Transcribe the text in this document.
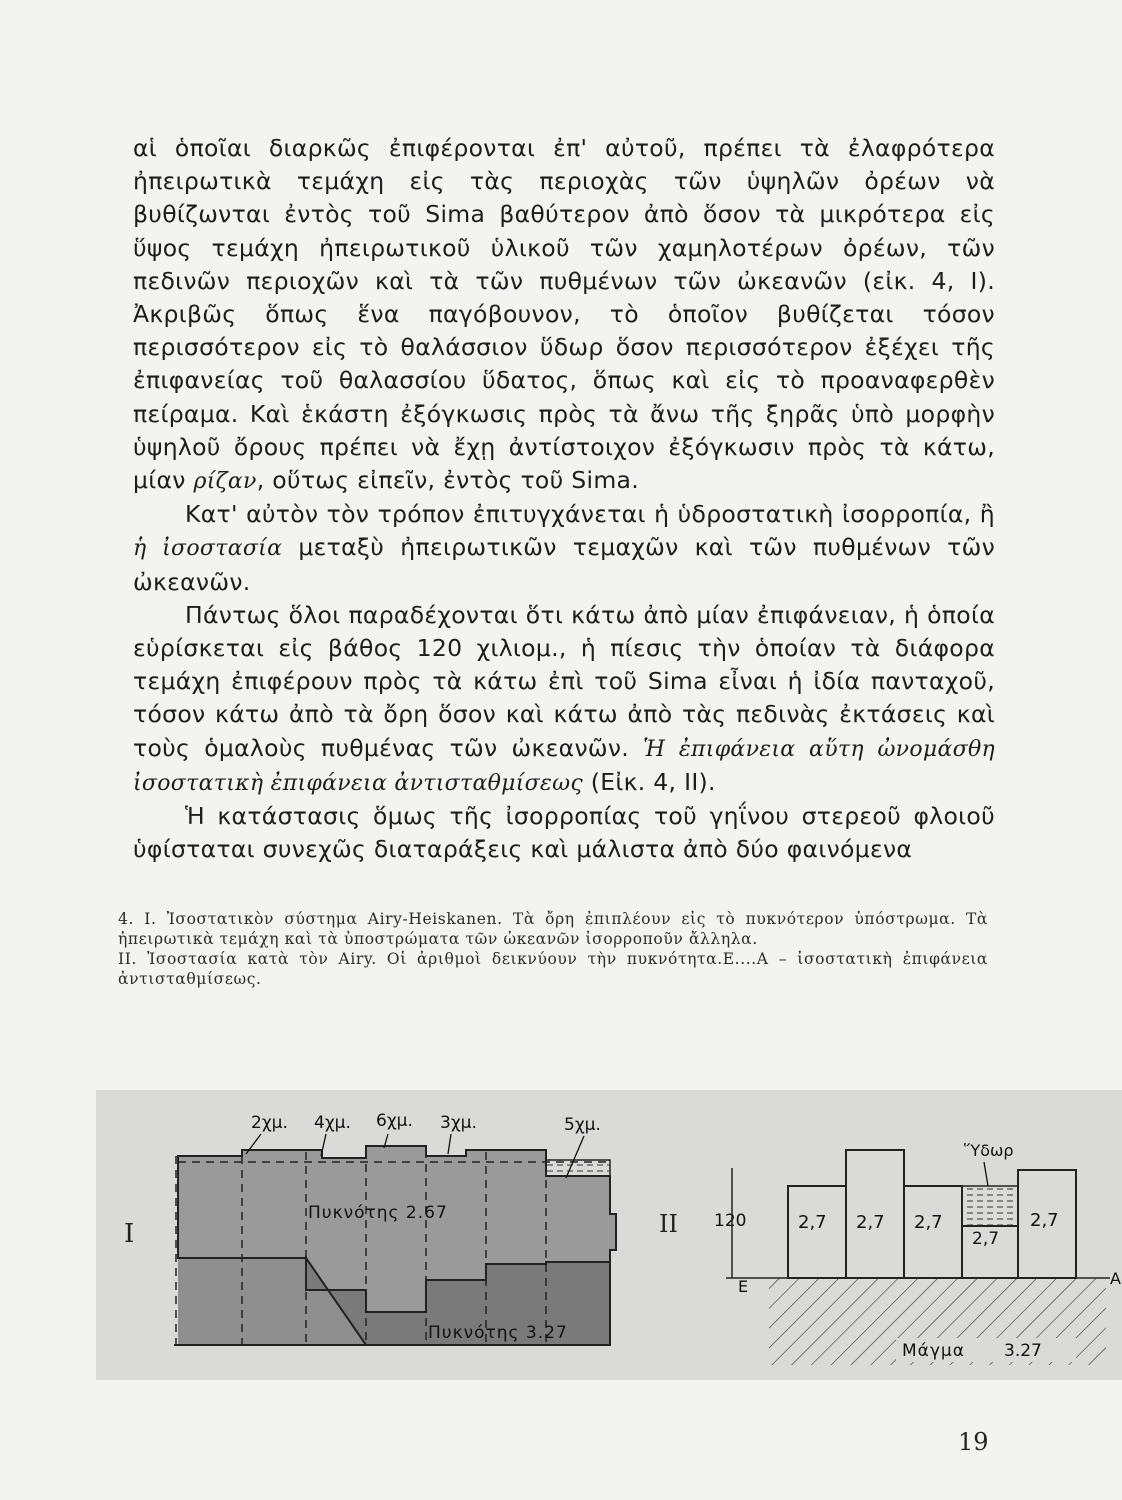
αἱ ὁποῖαι διαρκῶς ἐπιφέρονται ἐπ' αὐτοῦ, πρέπει τὰ ἐλαφρότερα ἠπειρωτικὰ τεμάχη εἰς τὰς περιοχὰς τῶν ὑψηλῶν ὀρέων νὰ βυθίζωνται ἐντὸς τοῦ Sima βαθύτερον ἀπὸ ὅσον τὰ μικρότερα εἰς ὕψος τεμάχη ἠπειρωτικοῦ ὑλικοῦ τῶν χαμηλοτέρων ὀρέων, τῶν πεδινῶν περιοχῶν καὶ τὰ τῶν πυθμένων τῶν ὠκεανῶν (εἰκ. 4, Ι). Ἀκριβῶς ὅπως ἕνα παγόβουνον, τὸ ὁποῖον βυθίζεται τόσον περισσότερον εἰς τὸ θαλάσσιον ὕδωρ ὅσον περισσότερον ἐξέχει τῆς ἐπιφανείας τοῦ θαλασσίου ὕδατος, ὅπως καὶ εἰς τὸ προαναφερθὲν πείραμα. Καὶ ἑκάστη ἐξόγκωσις πρὸς τὰ ἄνω τῆς ξηρᾶς ὑπὸ μορφὴν ὑψηλοῦ ὄρους πρέπει νὰ ἔχῃ ἀντίστοιχον ἐξόγκωσιν πρὸς τὰ κάτω, μίαν ρίζαν, οὕτως εἰπεῖν, ἐντὸς τοῦ Sima.

Κατ' αὐτὸν τὸν τρόπον ἐπιτυγχάνεται ἡ ὑδροστατικὴ ἰσορροπία, ἢ ἡ ἰσοστασία μεταξὺ ἠπειρωτικῶν τεμαχῶν καὶ τῶν πυθμένων τῶν ὠκεανῶν.

Πάντως ὅλοι παραδέχονται ὅτι κάτω ἀπὸ μίαν ἐπιφάνειαν, ἡ ὁποία εὑρίσκεται εἰς βάθος 120 χιλιομ., ἡ πίεσις τὴν ὁποίαν τὰ διάφορα τεμάχη ἐπιφέρουν πρὸς τὰ κάτω ἐπὶ τοῦ Sima εἶναι ἡ ἰδία πανταχοῦ, τόσον κάτω ἀπὸ τὰ ὄρη ὅσον καὶ κάτω ἀπὸ τὰς πεδινὰς ἐκτάσεις καὶ τοὺς ὁμαλοὺς πυθμένας τῶν ὠκεανῶν. Ἡ ἐπιφάνεια αὕτη ὠνομάσθη ἰσοστατικὴ ἐπιφάνεια ἀντισταθμίσεως (Εἰκ. 4, ΙΙ).

Ἡ κατάστασις ὅμως τῆς ἰσορροπίας τοῦ γηΐνου στερεοῦ φλοιοῦ ὑφίσταται συνεχῶς διαταράξεις καὶ μάλιστα ἀπὸ δύο φαινόμενα

4. Ι. Ἰσοστατικὸν σύστημα Airy-Heiskanen. Τὰ ὄρη ἐπιπλέουν εἰς τὸ πυκνότερον ὑπόστρωμα. Τὰ ἠπειρωτικὰ τεμάχη καὶ τὰ ὑποστρώματα τῶν ὠκεανῶν ἰσορροποῦν ἄλληλα.

ΙΙ. Ἰσοστασία κατὰ τὸν Airy. Οἱ ἀριθμοὶ δεικνύουν τὴν πυκνότητα.Ε....Α – ἰσοστατικὴ ἐπιφάνεια ἀντισταθμίσεως.

I
2χμ. 4χμ. 6χμ. 3χμ.	5χμ.
Πυκνότης 2.67
Πυκνότης 3.27
II 120
E	A
2,7 2,7 2,7
2,7
2,7
Ὕδωρ
Μάγμα 3.27
19
